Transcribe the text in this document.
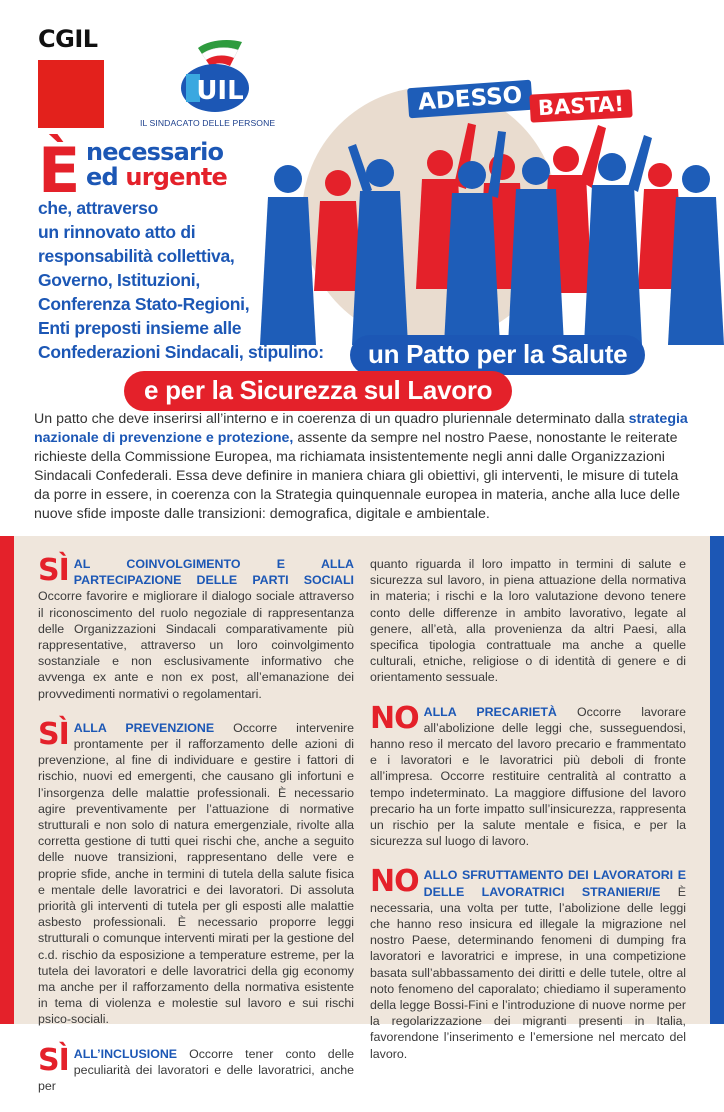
CGIL
UIL
IL SINDACATO DELLE PERSONE
ADESSO BASTA!
È necessario
ed urgente
che, attraverso
un rinnovato atto di
responsabilità collettiva,
Governo, Istituzioni,
Conferenza Stato-Regioni,
Enti preposti insieme alle
Confederazioni Sindacali, stipulino:	un Patto per la Salute
e per la Sicurezza sul Lavoro

Un patto che deve inserirsi all’interno e in coerenza di un quadro pluriennale determinato dalla strategia nazionale di prevenzione e protezione, assente da sempre nel nostro Paese, nonostante le reiterate richieste della Commissione Europea, ma richiamata insistentemente negli anni dalle Organizzazioni Sindacali Confederali. Essa deve definire in maniera chiara gli obiettivi, gli interventi, le misure di tutela da porre in essere, in coerenza con la Strategia quinquennale europea in materia, anche alla luce delle nuove sfide imposte dalle transizioni: demografica, digitale e ambientale.

SÌ AL COINVOLGIMENTO E ALLA PARTECIPAZIONE DELLE PARTI SOCIALI Occorre favorire e migliorare il dialogo sociale attraverso il riconoscimento del ruolo negoziale di rappresentanza delle Organizzazioni Sindacali comparativamente più rappresentative, attraverso un loro coinvolgimento sostanziale e non esclusivamente informativo che avvenga ex ante e non ex post, all’emanazione dei provvedimenti normativi o regolamentari.
SÌ ALLA PREVENZIONE Occorre intervenire prontamente per il rafforzamento delle azioni di prevenzione, al fine di individuare e gestire i fattori di rischio, nuovi ed emergenti, che causano gli infortuni e l’insorgenza delle malattie professionali. È necessario agire preventivamente per l’attuazione di normative strutturali e non solo di natura emergenziale, rivolte alla corretta gestione di tutti quei rischi che, anche a seguito delle nuove transizioni, rappresentano delle vere e proprie sfide, anche in termini di tutela della salute fisica e mentale delle lavoratrici e dei lavoratori. Di assoluta priorità gli interventi di tutela per gli esposti alle malattie asbesto professionali. È necessario proporre leggi strutturali o comunque interventi mirati per la gestione del c.d. rischio da esposizione a temperature estreme, per la tutela dei lavoratori e delle lavoratrici della gig economy ma anche per il rafforzamento della normativa esistente in tema di violenza e molestie sul lavoro e sui rischi psico-sociali.
SÌ ALL’INCLUSIONE Occorre tener conto delle peculiarità dei lavoratori e delle lavoratrici, anche per
quanto riguarda il loro impatto in termini di salute e sicurezza sul lavoro, in piena attuazione della normativa in materia; i rischi e la loro valutazione devono tenere conto delle differenze in ambito lavorativo, legate al genere, all’età, alla provenienza da altri Paesi, alla specifica tipologia contrattuale ma anche a quelle culturali, etniche, religiose o di identità di genere e di orientamento sessuale.
NO ALLA PRECARIETÀ Occorre lavorare all’abolizione delle leggi che, susseguendosi, hanno reso il mercato del lavoro precario e frammentato e i lavoratori e le lavoratrici più deboli di fronte all’impresa. Occorre restituire centralità al contratto a tempo indeterminato. La maggiore diffusione del lavoro precario ha un forte impatto sull’insicurezza, rappresenta un rischio per la salute mentale e fisica, e per la sicurezza sul luogo di lavoro.
NO ALLO SFRUTTAMENTO DEI LAVORATORI E DELLE LAVORATRICI STRANIERI/E È necessaria, una volta per tutte, l’abolizione delle leggi che hanno reso insicura ed illegale la migrazione nel nostro Paese, determinando fenomeni di dumping fra lavoratori e lavoratrici e imprese, in una competizione basata sull’abbassamento dei diritti e delle tutele, oltre al noto fenomeno del caporalato; chiediamo il superamento della legge Bossi-Fini e l’introduzione di nuove norme per la regolarizzazione dei migranti presenti in Italia, favorendone l’inserimento e l’emersione nel mercato del lavoro.
